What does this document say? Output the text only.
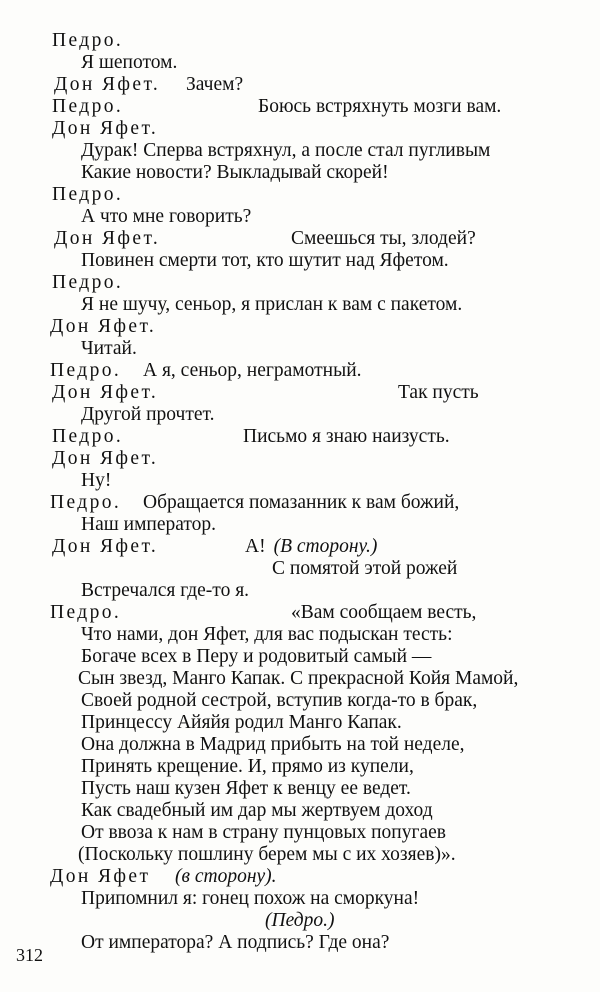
Педро.
Я шепотом.
Дон Яфет. Зачем?
Педро.	Боюсь встряхнуть мозги вам.
Дон Яфет.
Дурак! Сперва встряхнул, а после стал пугливым
Какие новости? Выкладывай скорей!
Педро.
А что мне говорить?
Дон Яфет.	Смеешься ты, злодей?
Повинен смерти тот, кто шутит над Яфетом.
Педро.
Я не шучу, сеньор, я прислан к вам с пакетом.
Дон Яфет.
Читай.
Педро. А я, сеньор, неграмотный.
Дон Яфет.	Так пусть
Другой прочтет.
Педро.	Письмо я знаю наизусть.
Дон Яфет.
Ну!
Педро. Обращается помазанник к вам божий,
Наш император.
Дон Яфет.	А! (В сторону.)
С помятой этой рожей
Встречался где-то я.
Педро.	«Вам сообщаем весть,
Что нами, дон Яфет, для вас подыскан тесть:
Богаче всех в Перу и родовитый самый —
Сын звезд, Манго Капак. С прекрасной Койя Мамой,
Своей родной сестрой, вступив когда-то в брак,
Принцессу Айяйя родил Манго Капак.
Она должна в Мадрид прибыть на той неделе,
Принять крещение. И, прямо из купели,
Пусть наш кузен Яфет к венцу ее ведет.
Как свадебный им дар мы жертвуем доход
От ввоза к нам в страну пунцовых попугаев
(Поскольку пошлину берем мы с их хозяев)».
Дон Яфет (в сторону).
Припомнил я: гонец похож на сморкуна!
(Педро.)
От императора? А подпись? Где она?
312
